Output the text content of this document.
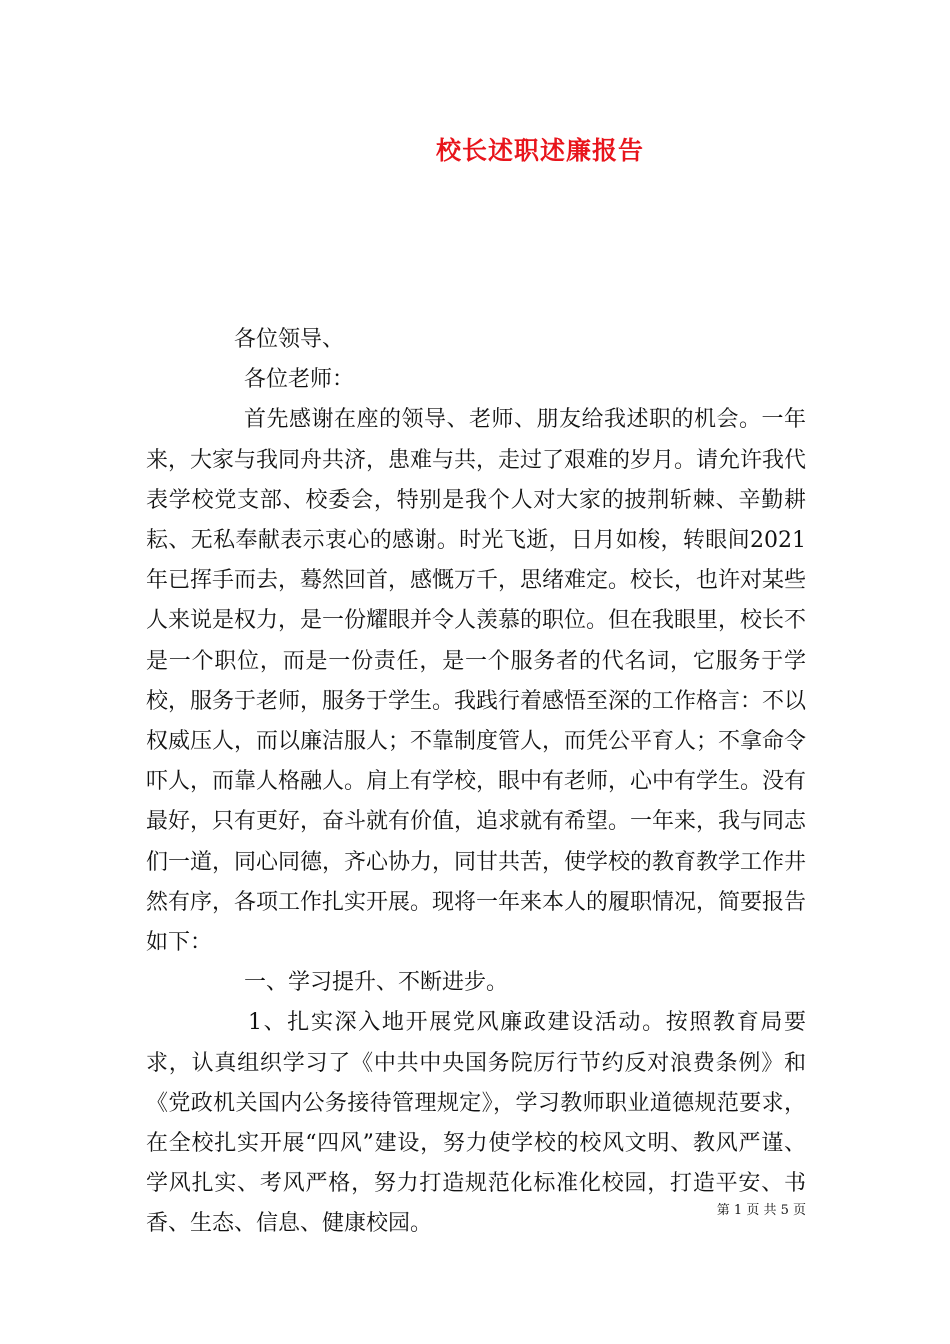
校长述职述廉报告

各位领导、

各位老师：

首先感谢在座的领导、老师、朋友给我述职的机会。一年来，大家与我同舟共济，患难与共，走过了艰难的岁月。请允许我代表学校党支部、校委会，特别是我个人对大家的披荆斩棘、辛勤耕耘、无私奉献表示衷心的感谢。时光飞逝，日月如梭，转眼间2021年已挥手而去，蓦然回首，感慨万千，思绪难定。校长，也许对某些人来说是权力，是一份耀眼并令人羡慕的职位。但在我眼里，校长不是一个职位，而是一份责任，是一个服务者的代名词，它服务于学校，服务于老师，服务于学生。我践行着感悟至深的工作格言：不以权威压人，而以廉洁服人；不靠制度管人，而凭公平育人；不拿命令吓人，而靠人格融人。肩上有学校，眼中有老师，心中有学生。没有最好，只有更好，奋斗就有价值，追求就有希望。一年来，我与同志们一道，同心同德，齐心协力，同甘共苦，使学校的教育教学工作井然有序，各项工作扎实开展。现将一年来本人的履职情况，简要报告如下：

一、学习提升、不断进步。

1、扎实深入地开展党风廉政建设活动。按照教育局要求，认真组织学习了《中共中央国务院厉行节约反对浪费条例》和《党政机关国内公务接待管理规定》，学习教师职业道德规范要求，在全校扎实开展“四风”建设，努力使学校的校风文明、教风严谨、学风扎实、考风严格，努力打造规范化标准化校园，打造平安、书香、生态、信息、健康校园。

第 1 页 共 5 页
